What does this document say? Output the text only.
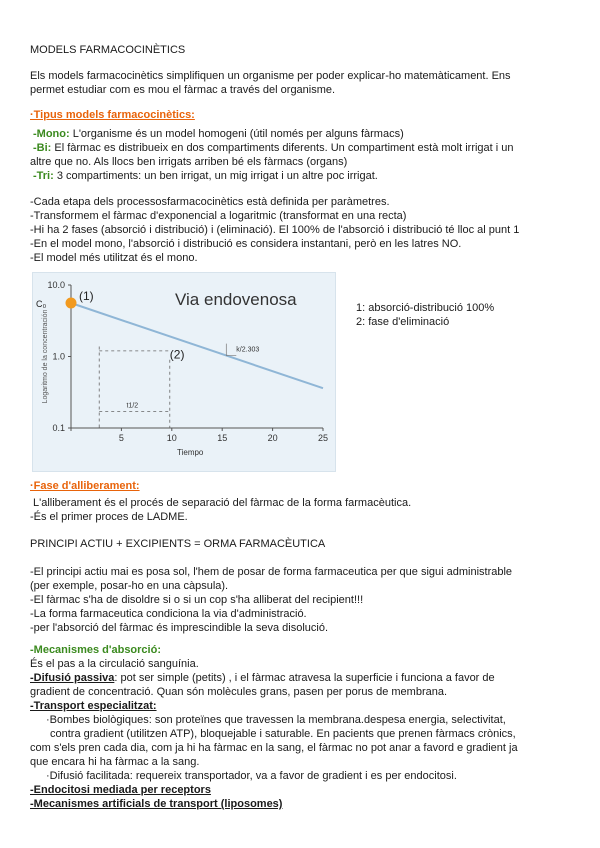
MODELS FARMACOCINÈTICS
Els models farmacocinètics simplifiquen un organisme per poder explicar-ho matemàticament. Ens
permet estudiar com es mou el fàrmac a través del organisme.
·Tipus models farmacocinètics:
-Mono: L'organisme és un model homogeni (útil només per alguns fàrmacs)
-Bi: El fàrmac es distribueix en dos compartiments diferents. Un compartiment està molt irrigat i un
altre que no. Als llocs ben irrigats arriben bé els fàrmacs (organs)
-Tri: 3 compartiments: un ben irrigat, un mig irrigat i un altre poc irrigat.
-Cada etapa dels processosfarmacocinètics està definida per paràmetres.
-Transformem el fàrmac d'exponencial a logaritmic (transformat en una recta)
-Hi ha 2 fases (absorció i distribució) i (eliminació). El 100% de l'absorció i distribució té lloc al punt 1
-En el model mono, l'absorció i distribució es considera instantani, però en les latres NO.
-El model més utilitzat és el mono.
Via endovenosa
5	10	15	20	25
10.0
1.0
0.1
Tiempo
Logaritmo de la concentración
(1)
C₀
t1/2
(2)	k/2.303
1: absorció-distribució 100%
2: fase d'eliminació
·Fase d'alliberament:
L'alliberament és el procés de separació del fàrmac de la forma farmacèutica.
-És el primer proces de LADME.
PRINCIPI ACTIU + EXCIPIENTS = ORMA FARMACÈUTICA
-El principi actiu mai es posa sol, l'hem de posar de forma farmaceutica per que sigui administrable
(per exemple, posar-ho en una càpsula).
-El fàrmac s'ha de disoldre si o si un cop s'ha alliberat del recipient!!!
-La forma farmaceutica condiciona la via d'administració.
-per l'absorció del fàrmac és imprescindible la seva disolució.
-Mecanismes d'absorció:
És el pas a la circulació sanguínia.
-Difusió passiva: pot ser simple (petits) , i el fàrmac atravesa la superficie i funciona a favor de
gradient de concentració. Quan són molècules grans, pasen per porus de membrana.
-Transport especialitzat:
·Bombes biològiques: son proteïnes que travessen la membrana.despesa energia, selectivitat,
contra gradient (utilitzen ATP), bloquejable i saturable. En pacients que prenen fàrmacs crònics,
com s'els pren cada dia, com ja hi ha fàrmac en la sang, el fàrmac no pot anar a favord e gradient ja
que encara hi ha fàrmac a la sang.
·Difusió facilitada: requereix transportador, va a favor de gradient i es per endocitosi.
-Endocitosi mediada per receptors
-Mecanismes artificials de transport (liposomes)
